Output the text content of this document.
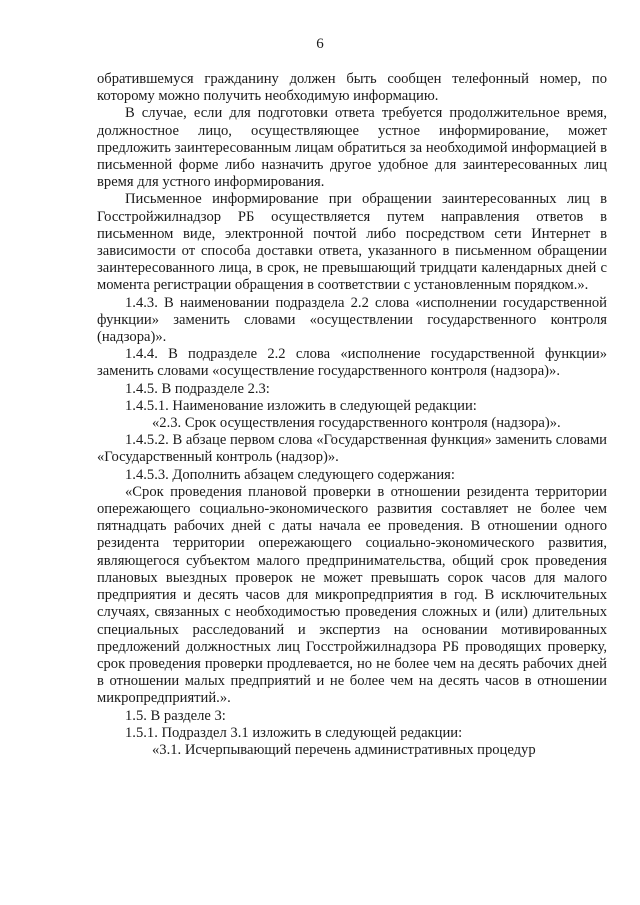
6

обратившемуся гражданину должен быть сообщен телефонный номер, по которому можно получить необходимую информацию.

В случае, если для подготовки ответа требуется продолжительное время, должностное лицо, осуществляющее устное информирование, может предложить заинтересованным лицам обратиться за необходимой информацией в письменной форме либо назначить другое удобное для заинтересованных лиц время для устного информирования.

Письменное информирование при обращении заинтересованных лиц в Госстройжилнадзор РБ осуществляется путем направления ответов в письменном виде, электронной почтой либо посредством сети Интернет в зависимости от способа доставки ответа, указанного в письменном обращении заинтересованного лица, в срок, не превышающий тридцати календарных дней с момента регистрации обращения в соответствии с установленным порядком.».

1.4.3. В наименовании подраздела 2.2 слова «исполнении государственной функции» заменить словами «осуществлении государственного контроля (надзора)».

1.4.4. В подразделе 2.2 слова «исполнение государственной функции» заменить словами «осуществление государственного контроля (надзора)».

1.4.5. В подразделе 2.3:

1.4.5.1. Наименование изложить в следующей редакции:

«2.3. Срок осуществления государственного контроля (надзора)».

1.4.5.2. В абзаце первом слова «Государственная функция» заменить словами «Государственный контроль (надзор)».

1.4.5.3. Дополнить абзацем следующего содержания:

«Срок проведения плановой проверки в отношении резидента территории опережающего социально-экономического развития составляет не более чем пятнадцать рабочих дней с даты начала ее проведения. В отношении одного резидента территории опережающего социально-экономического развития, являющегося субъектом малого предпринимательства, общий срок проведения плановых выездных проверок не может превышать сорок часов для малого предприятия и десять часов для микропредприятия в год. В исключительных случаях, связанных с необходимостью проведения сложных и (или) длительных специальных расследований и экспертиз на основании мотивированных предложений должностных лиц Госстройжилнадзора РБ проводящих проверку, срок проведения проверки продлевается, но не более чем на десять рабочих дней в отношении малых предприятий и не более чем на десять часов в отношении микропредприятий.».

1.5. В разделе 3:

1.5.1. Подраздел 3.1 изложить в следующей редакции:

«3.1. Исчерпывающий перечень административных процедур
